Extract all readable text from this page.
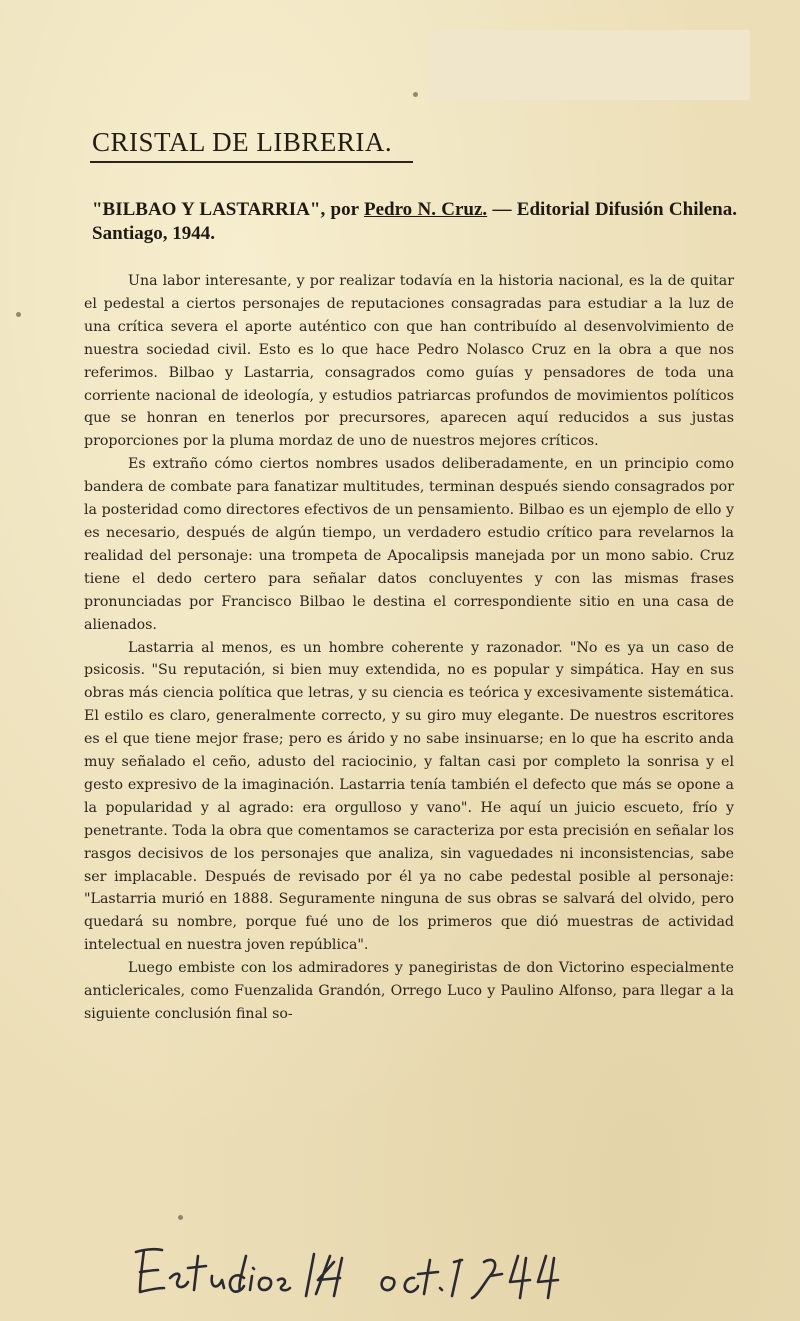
CRISTAL DE LIBRERIA.
"BILBAO Y LASTARRIA", por Pedro N. Cruz. — Editorial Difusión Chilena. Santiago, 1944.

Una labor interesante, y por realizar todavía en la historia nacional, es la de quitar el pedestal a ciertos personajes de reputaciones consagradas para estudiar a la luz de una crítica severa el aporte auténtico con que han contribuído al desenvolvimiento de nuestra sociedad civil. Esto es lo que hace Pedro Nolasco Cruz en la obra a que nos referimos. Bilbao y Lastarria, consagrados como guías y pensadores de toda una corriente nacional de ideología, y estudios patriarcas profundos de movimientos políticos que se honran en tenerlos por precursores, aparecen aquí reducidos a sus justas proporciones por la pluma mordaz de uno de nuestros mejores críticos.

Es extraño cómo ciertos nombres usados deliberadamente, en un principio como bandera de combate para fanatizar multitudes, terminan después siendo consagrados por la posteridad como directores efectivos de un pensamiento. Bilbao es un ejemplo de ello y es necesario, después de algún tiempo, un verdadero estudio crítico para revelarnos la realidad del personaje: una trompeta de Apocalipsis manejada por un mono sabio. Cruz tiene el dedo certero para señalar datos concluyentes y con las mismas frases pronunciadas por Francisco Bilbao le destina el correspondiente sitio en una casa de alienados.

Lastarria al menos, es un hombre coherente y razonador. "No es ya un caso de psicosis. "Su reputación, si bien muy extendida, no es popular y simpática. Hay en sus obras más ciencia política que letras, y su ciencia es teórica y excesivamente sistemática. El estilo es claro, generalmente correcto, y su giro muy elegante. De nuestros escritores es el que tiene mejor frase; pero es árido y no sabe insinuarse; en lo que ha escrito anda muy señalado el ceño, adusto del raciocinio, y faltan casi por completo la sonrisa y el gesto expresivo de la imaginación. Lastarria tenía también el defecto que más se opone a la popularidad y al agrado: era orgulloso y vano". He aquí un juicio escueto, frío y penetrante. Toda la obra que comentamos se caracteriza por esta precisión en señalar los rasgos decisivos de los personajes que analiza, sin vaguedades ni inconsistencias, sabe ser implacable. Después de revisado por él ya no cabe pedestal posible al personaje: "Lastarria murió en 1888. Seguramente ninguna de sus obras se salvará del olvido, pero quedará su nombre, porque fué uno de los primeros que dió muestras de actividad intelectual en nuestra joven república".

Luego embiste con los admiradores y panegiristas de don Victorino especialmente anticlericales, como Fuenzalida Grandón, Orrego Luco y Paulino Alfonso, para llegar a la siguiente conclusión final so-
